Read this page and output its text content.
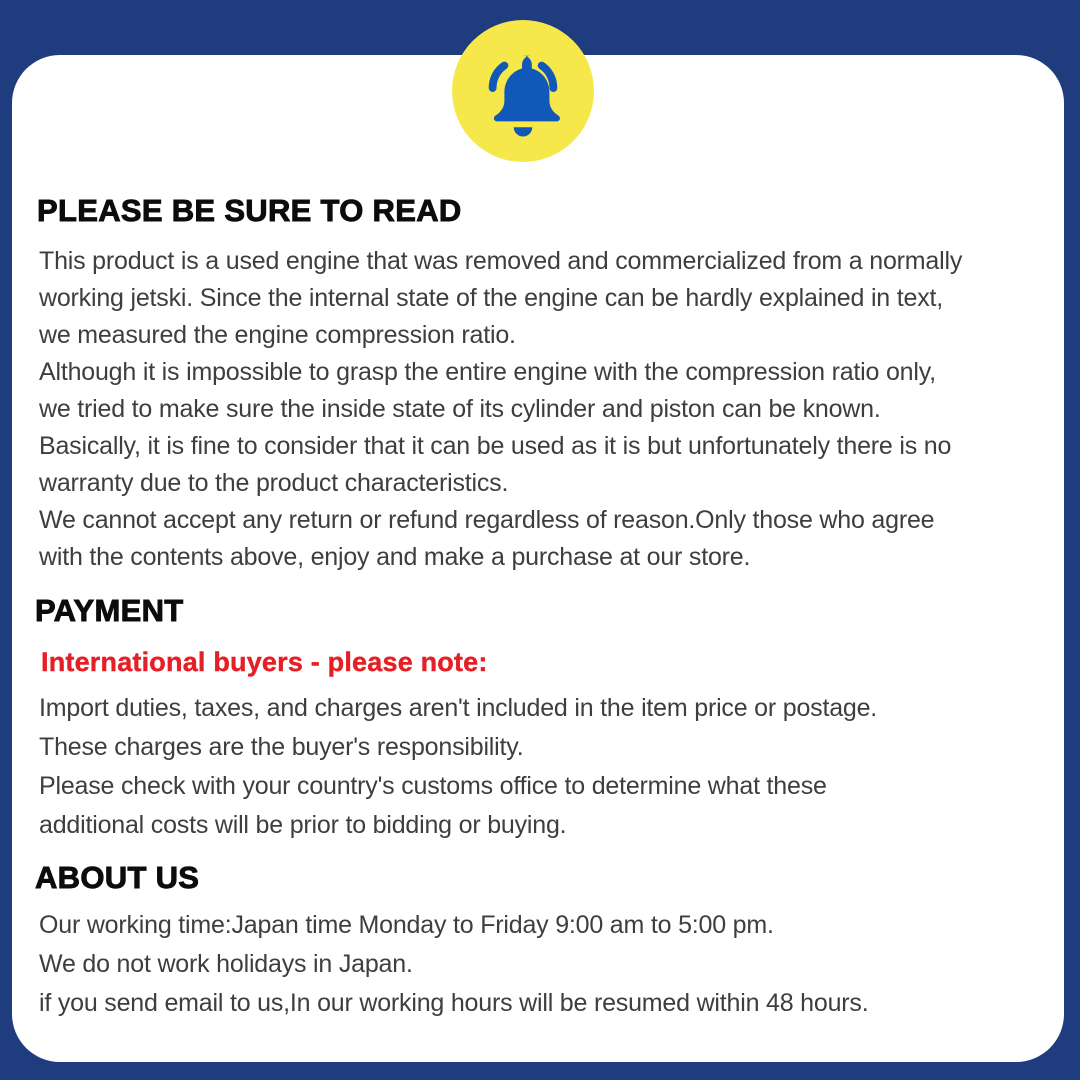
PLEASE BE SURE TO READ
This product is a used engine that was removed and commercialized from a normally
working jetski. Since the internal state of the engine can be hardly explained in text,
we measured the engine compression ratio.
Although it is impossible to grasp the entire engine with the compression ratio only,
we tried to make sure the inside state of its cylinder and piston can be known.
Basically, it is fine to consider that it can be used as it is but unfortunately there is no
warranty due to the product characteristics.
We cannot accept any return or refund regardless of reason.Only those who agree
with the contents above, enjoy and make a purchase at our store.
PAYMENT
International buyers - please note:
Import duties, taxes, and charges aren't included in the item price or postage.
These charges are the buyer's responsibility.
Please check with your country's customs office to determine what these
additional costs will be prior to bidding or buying.
ABOUT US
Our working time:Japan time Monday to Friday 9:00 am to 5:00 pm.
We do not work holidays in Japan.
if you send email to us,In our working hours will be resumed within 48 hours.
